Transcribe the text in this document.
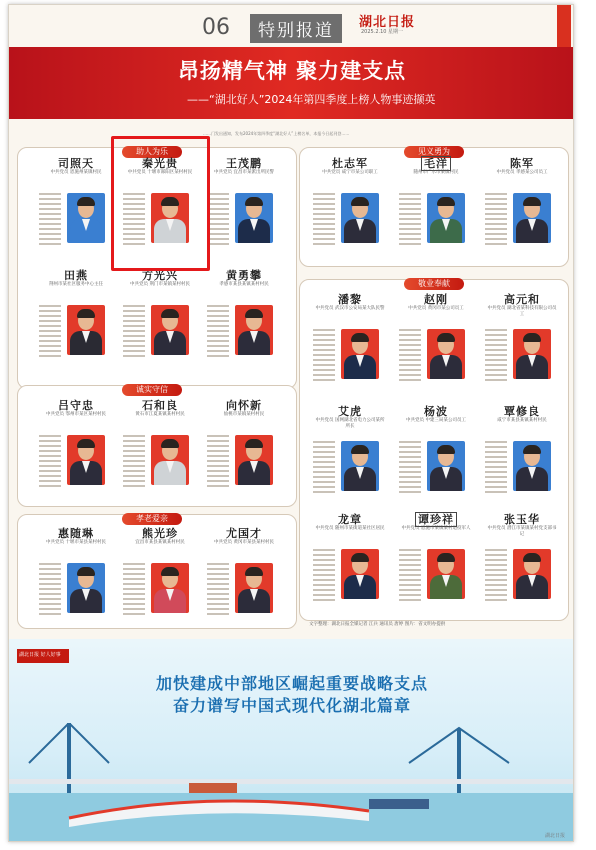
06	特别报道	湖北日报
2025.2.10 星期一
昂扬精气神 聚力建支点
——“湖北好人”2024年第四季度上榜人物事迹撷英
……门发出通知，发布2024年第四季度“湖北好人”上榜名单，本报今日起刊登……
助人为乐
诚实守信
孝老爱亲
见义勇为
敬业奉献
司照天
中共党员 恩施州某镇村民
秦光贵
中共党员 十堰市郧阳区某村村民
王茂鹏
中共党员 宜昌市某派出所民警
田燕
荆州市某社区服务中心主任
方光兴
中共党员 荆门市某镇某村村民
黄勇攀
孝感市某县某镇某村村民
吕守忠
中共党员 鄂州市某区某村村民
石和良
黄石市江夏某镇某村村民
向怀新
仙桃市某镇某村村民
惠随琳
中共党员 十堰市某县某村村民
熊光珍
宜昌市某县某镇某村村民
尤国才
中共党员 黄冈市某县某村村民
杜志军
中共党员 咸宁市某公司职工
毛洋
随州市广水市某镇村民
陈军
中共党员 孝感某公司员工
潘黎
中共党员 武汉市公安局某大队民警
赵刚
中共党员 黄冈市某公司员工
高元和
中共党员 湖北省某科技有限公司员工
艾虎
中共党员 国网湖北省电力公司某所所长
杨波
中共党员 中建三局某公司员工
覃修良
咸宁市某县某镇某村村民
龙章
中共党员 随州市某街道某社区居民
谭珍祥
中共党员 恩施市某镇某村退役军人
张玉华
中共党员 潜江市某镇某村党支部书记
文字整理：湖北日报全媒记者 江兵 通讯员 唐婷 图片：省文明办提供
湖北日报 好人好事
加快建成中部地区崛起重要战略支点
奋力谱写中国式现代化湖北篇章
湖北日报
